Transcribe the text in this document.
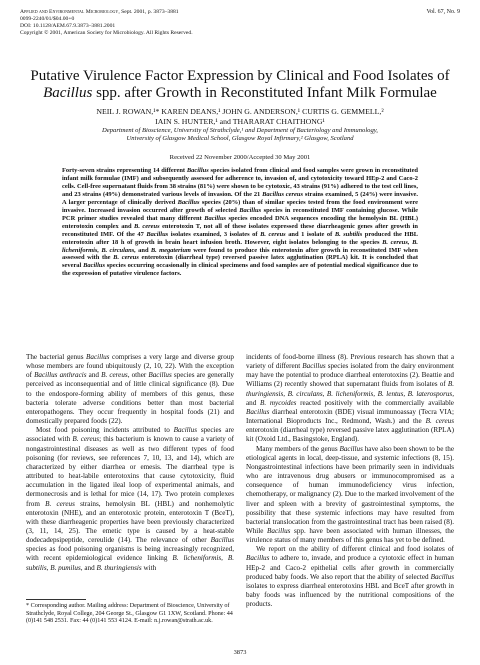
Applied and Environmental Microbiology, Sept. 2001, p. 3873–3881
0099-2240/01/$04.00+0
DOI: 10.1128/AEM.67.9.3873–3881.2001
Copyright © 2001, American Society for Microbiology. All Rights Reserved.
Vol. 67, No. 9
Putative Virulence Factor Expression by Clinical and Food Isolates of
Bacillus spp. after Growth in Reconstituted Infant Milk Formulae
NEIL J. ROWAN,¹* KAREN DEANS,¹ JOHN G. ANDERSON,¹ CURTIS G. GEMMELL,²
IAIN S. HUNTER,¹ and THARARAT CHAITHONG¹
Department of Bioscience, University of Strathclyde,¹ and Department of Bacteriology and Immunology,
University of Glasgow Medical School, Glasgow Royal Infirmary,² Glasgow, Scotland
Received 22 November 2000/Accepted 30 May 2001
Forty-seven strains representing 14 different Bacillus species isolated from clinical and food samples were grown in reconstituted infant milk formulae (IMF) and subsequently assessed for adherence to, invasion of, and cytotoxicity toward HEp-2 and Caco-2 cells. Cell-free supernatant fluids from 38 strains (81%) were shown to be cytotoxic, 43 strains (91%) adhered to the test cell lines, and 23 strains (49%) demonstrated various levels of invasion. Of the 21 Bacillus cereus strains examined, 5 (24%) were invasive. A larger percentage of clinically derived Bacillus species (20%) than of similar species tested from the food environment were invasive. Increased invasion occurred after growth of selected Bacillus species in reconstituted IMF containing glucose. While PCR primer studies revealed that many different Bacillus species encoded DNA sequences encoding the hemolysin BL (HBL) enterotoxin complex and B. cereus enterotoxin T, not all of these isolates expressed these diarrheagenic genes after growth in reconstituted IMF. Of the 47 Bacillus isolates examined, 3 isolates of B. cereus and 1 isolate of B. subtilis produced the HBL enterotoxin after 18 h of growth in brain heart infusion broth. However, eight isolates belonging to the species B. cereus, B. licheniformis, B. circulans, and B. megaterium were found to produce this enterotoxin after growth in reconstituted IMF when assessed with the B. cereus enterotoxin (diarrheal type) reversed passive latex agglutination (RPLA) kit. It is concluded that several Bacillus species occurring occasionally in clinical specimens and food samples are of potential medical significance due to the expression of putative virulence factors.

The bacterial genus Bacillus comprises a very large and diverse group whose members are found ubiquitously (2, 10, 22). With the exception of Bacillus anthracis and B. cereus, other Bacillus species are generally perceived as inconsequential and of little clinical significance (8). Due to the endospore-forming ability of members of this genus, these bacteria tolerate adverse conditions better than most bacterial enteropathogens. They occur frequently in hospital foods (21) and domestically prepared foods (22).

Most food poisoning incidents attributed to Bacillus species are associated with B. cereus; this bacterium is known to cause a variety of nongastrointestinal diseases as well as two different types of food poisoning (for reviews, see references 7, 10, 13, and 14), which are characterized by either diarrhea or emesis. The diarrheal type is attributed to heat-labile enterotoxins that cause cytotoxicity, fluid accumulation in the ligated ileal loop of experimental animals, and dermonecrosis and is lethal for mice (14, 17). Two protein complexes from B. cereus strains, hemolysin BL (HBL) and nonhemolytic enterotoxin (NHE), and an enterotoxic protein, enterotoxin T (BceT), with these diarrheagenic properties have been previously characterized (3, 11, 14, 25). The emetic type is caused by a heat-stable dodecadepsipeptide, cereulide (14). The relevance of other Bacillus species as food poisoning organisms is being increasingly recognized, with recent epidemiological evidence linking B. licheniformis, B. subtilis, B. pumilus, and B. thuringiensis with

incidents of food-borne illness (8). Previous research has shown that a variety of different Bacillus species isolated from the dairy environment may have the potential to produce diarrheal enterotoxins (2). Beattie and Williams (2) recently showed that supernatant fluids from isolates of B. thuringiensis, B. circulans, B. licheniformis, B. lentus, B. laterosporus, and B. mycoides reacted positively with the commercially available Bacillus diarrheal enterotoxin (BDE) visual immunoassay (Tecra VIA; International Bioproducts Inc., Redmond, Wash.) and the B. cereus enterotoxin (diarrheal type) reversed passive latex agglutination (RPLA) kit (Oxoid Ltd., Basingstoke, England).

Many members of the genus Bacillus have also been shown to be the etiological agents in local, deep-tissue, and systemic infections (8, 15). Nongastrointestinal infections have been primarily seen in individuals who are intravenous drug abusers or immunocompromised as a consequence of human immunodeficiency virus infection, chemotherapy, or malignancy (2). Due to the marked involvement of the liver and spleen with a brevity of gastrointestinal symptoms, the possibility that these systemic infections may have resulted from bacterial translocation from the gastrointestinal tract has been raised (8). While Bacillus spp. have been associated with human illnesses, the virulence status of many members of this genus has yet to be defined.

We report on the ability of different clinical and food isolates of Bacillus to adhere to, invade, and produce a cytotoxic effect in human HEp-2 and Caco-2 epithelial cells after growth in commercially produced baby foods. We also report that the ability of selected Bacillus isolates to express diarrheal enterotoxins HBL and BceT after growth in baby foods was influenced by the nutritional compositions of the products.

* Corresponding author. Mailing address: Department of Bioscience, University of Strathclyde, Royal College, 204 George St., Glasgow G1 1XW, Scotland. Phone: 44 (0)141 548 2531. Fax: 44 (0)141 553 4124. E-mail: n.j.rowan@strath.ac.uk.
3873
